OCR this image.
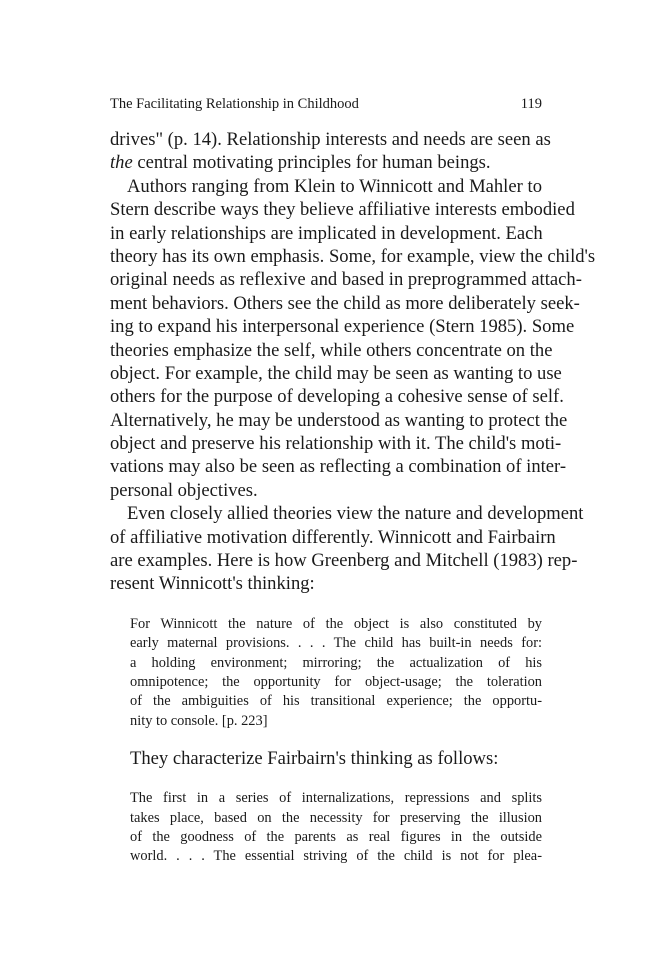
The Facilitating Relationship in Childhood	119
drives" (p. 14). Relationship interests and needs are seen as
the central motivating principles for human beings.
Authors ranging from Klein to Winnicott and Mahler to
Stern describe ways they believe affiliative interests embodied
in early relationships are implicated in development. Each
theory has its own emphasis. Some, for example, view the child's
original needs as reflexive and based in preprogrammed attach-
ment behaviors. Others see the child as more deliberately seek-
ing to expand his interpersonal experience (Stern 1985). Some
theories emphasize the self, while others concentrate on the
object. For example, the child may be seen as wanting to use
others for the purpose of developing a cohesive sense of self.
Alternatively, he may be understood as wanting to protect the
object and preserve his relationship with it. The child's moti-
vations may also be seen as reflecting a combination of inter-
personal objectives.
Even closely allied theories view the nature and development
of affiliative motivation differently. Winnicott and Fairbairn
are examples. Here is how Greenberg and Mitchell (1983) rep-
resent Winnicott's thinking:
For Winnicott the nature of the object is also constituted by
early maternal provisions. . . . The child has built-in needs for:
a holding environment; mirroring; the actualization of his
omnipotence; the opportunity for object-usage; the toleration
of the ambiguities of his transitional experience; the opportu-
nity to console. [p. 223]
They characterize Fairbairn's thinking as follows:
The first in a series of internalizations, repressions and splits
takes place, based on the necessity for preserving the illusion
of the goodness of the parents as real figures in the outside
world. . . . The essential striving of the child is not for plea-
